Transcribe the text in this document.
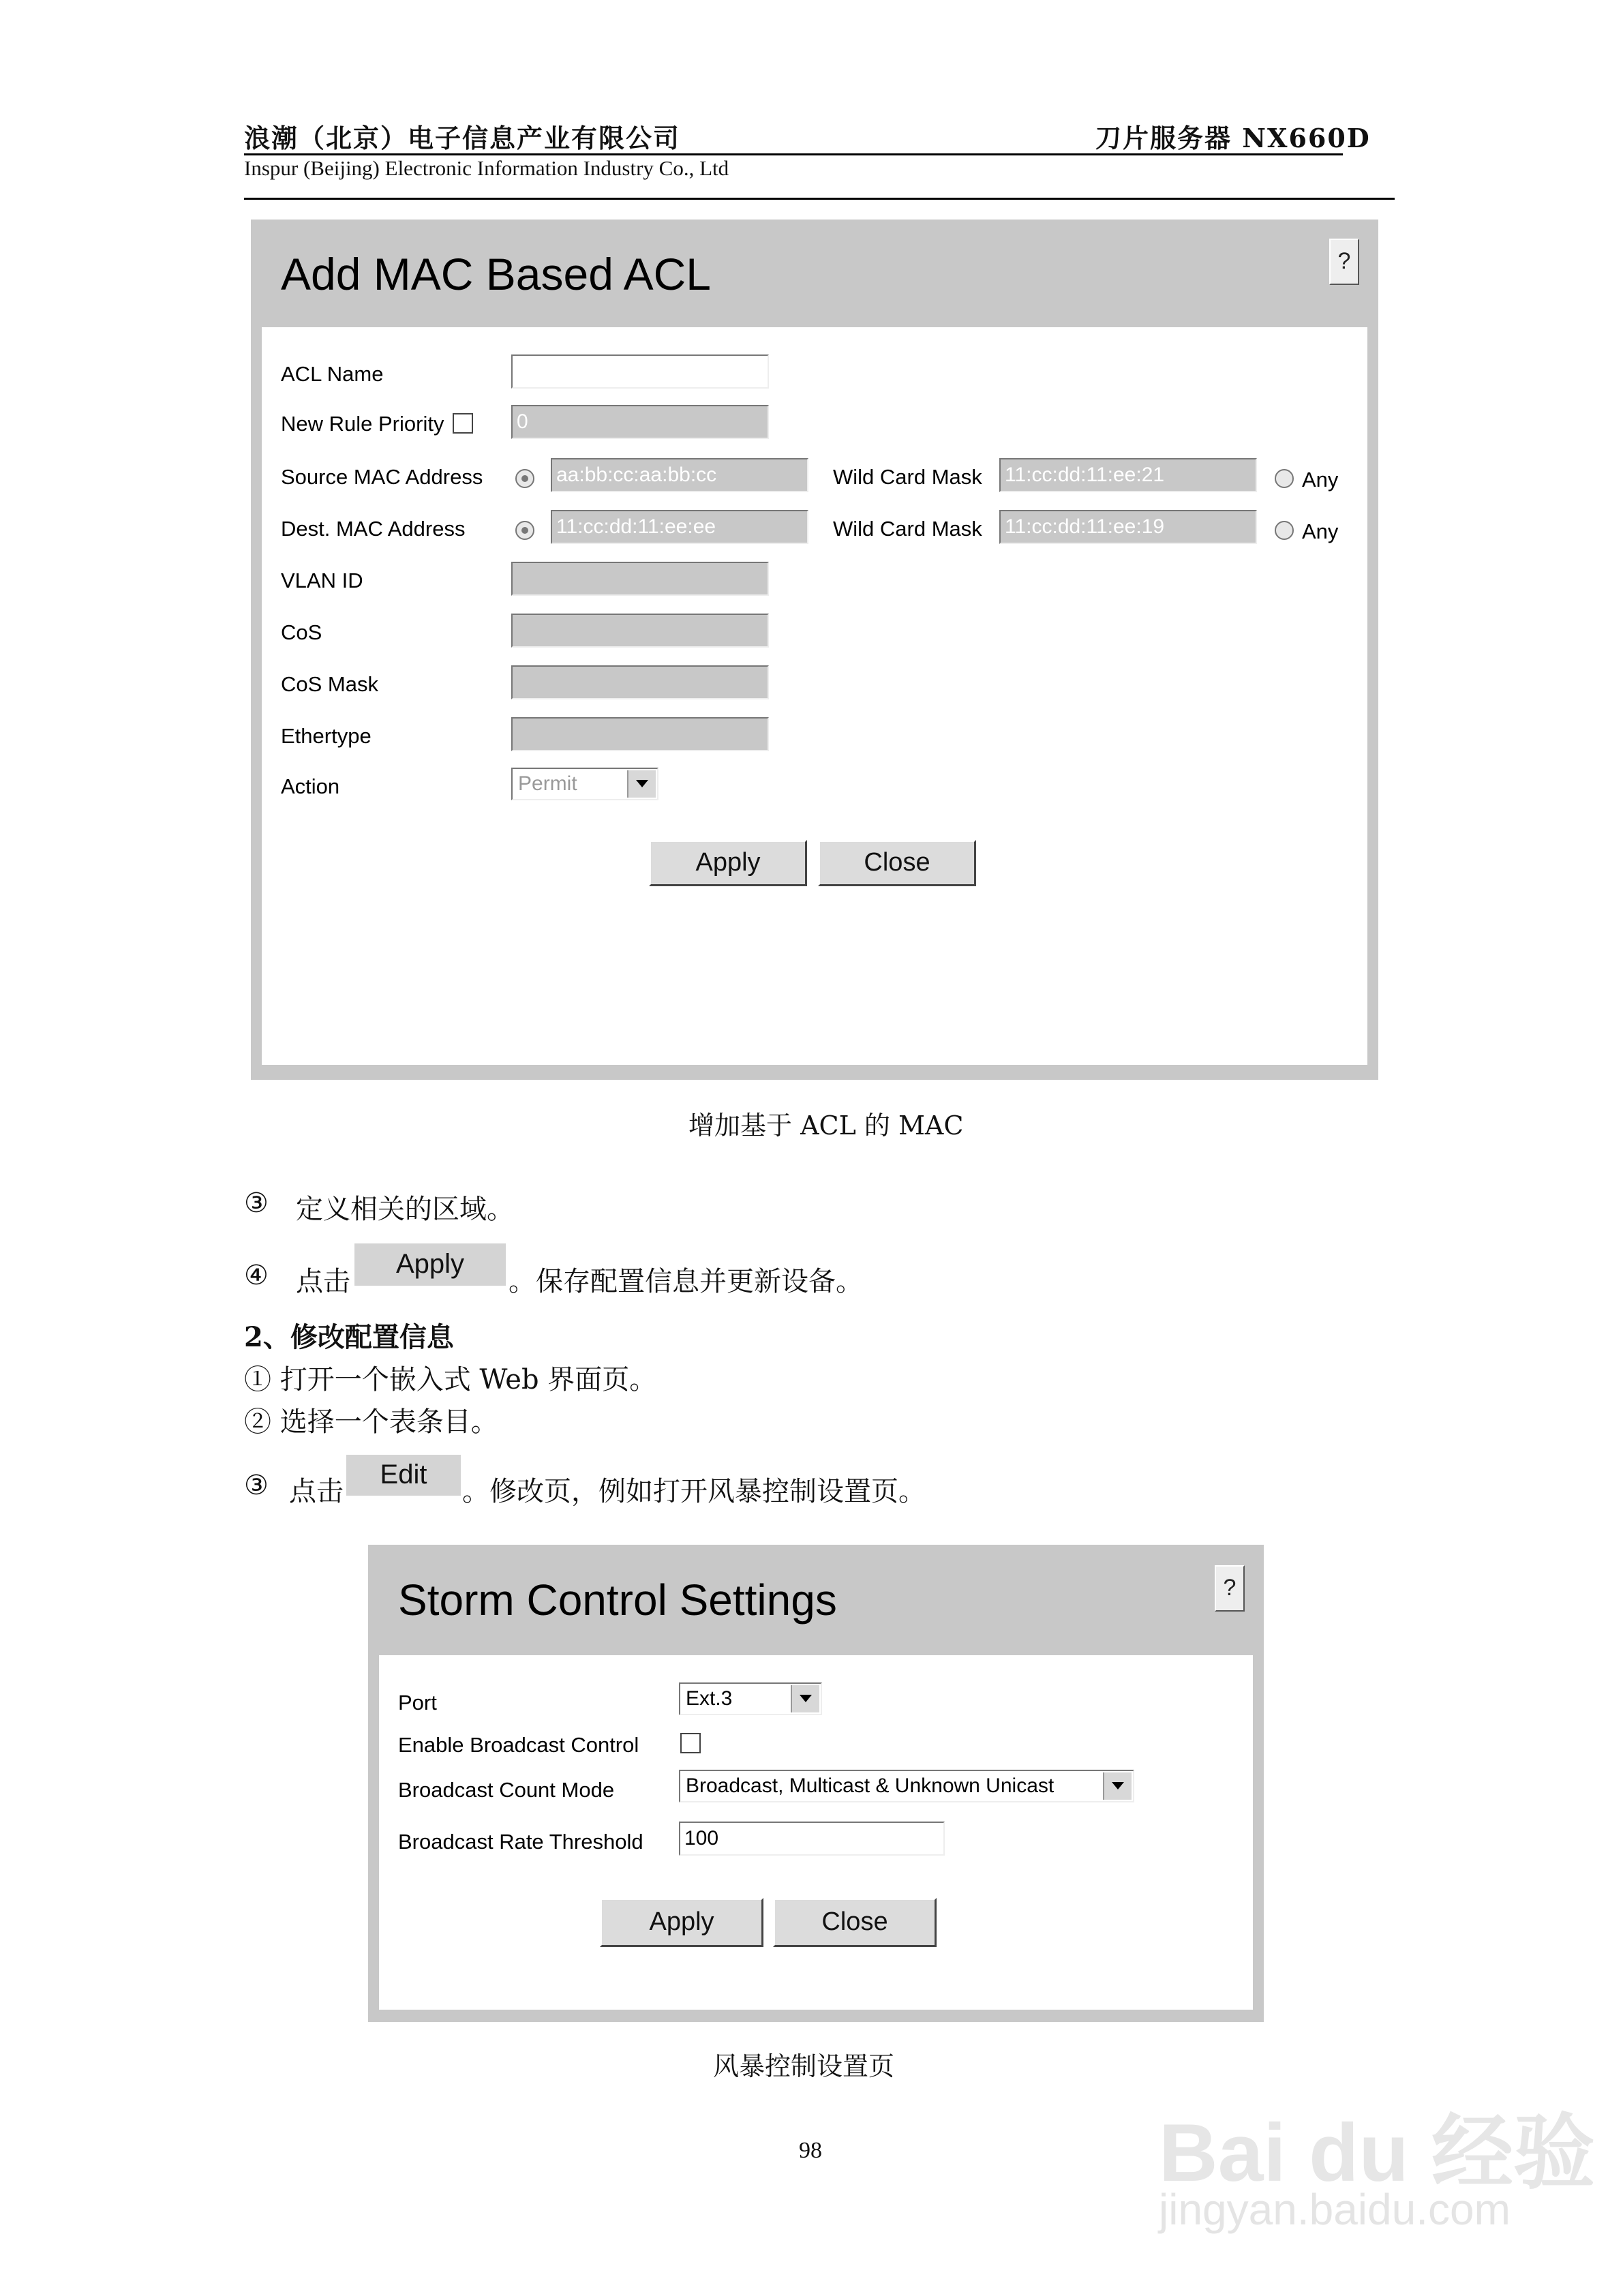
浪潮（北京）电子信息产业有限公司	刀片服务器 NX660D
Inspur (Beijing) Electronic Information Industry Co., Ltd
Add MAC Based ACL	?
ACL Name
New Rule Priority	0
Source MAC Address	aa:bb:cc:aa:bb:cc	Wild Card Mask 11:cc:dd:11:ee:21	Any
Dest. MAC Address	11:cc:dd:11:ee:ee	Wild Card Mask 11:cc:dd:11:ee:19	Any
VLAN ID
CoS
CoS Mask
Ethertype
Action	Permit
Apply	Close
增加基于 ACL 的 MAC
③ 定义相关的区域。
④ 点击
Apply
。保存配置信息并更新设备。
2、修改配置信息
① 打开一个嵌入式 Web 界面页。
② 选择一个表条目。
③ 点击
Edit
。修改页，例如打开风暴控制设置页。
Storm Control Settings	?
Port	Ext.3
Enable Broadcast Control
Broadcast Count Mode	Broadcast, Multicast & Unknown Unicast
Broadcast Rate Threshold 100
Apply	Close
风暴控制设置页
98	Bai du 经验
jingyan.baidu.com
